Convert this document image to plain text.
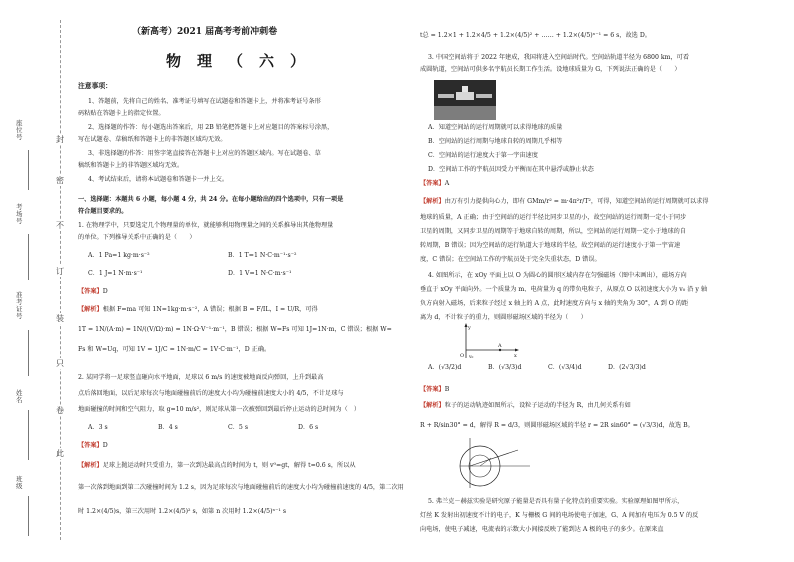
封
密
不
订
装
只
卷
此
座位号
考场号
准考证号
姓名
班级
（新高考）2021 届高考考前冲刺卷
物理（六）
注意事项：
1、答题前，先将自己的姓名、准考证号填写在试题卷和答题卡上，并将准考证号条形
码粘贴在答题卡上的指定位置。
2、选择题的作答：每小题选出答案后，用 2B 铅笔把答题卡上对应题目的答案标号涂黑，
写在试题卷、草稿纸和答题卡上的非答题区域均无效。
3、非选择题的作答：用签字笔直接答在答题卡上对应的答题区域内。写在试题卷、草
稿纸和答题卡上的非答题区域均无效。
4、考试结束后，请将本试题卷和答题卡一并上交。
一、选择题：本题共 6 小题，每小题 4 分，共 24 分。在每小题给出的四个选项中，只有一项是
符合题目要求的。
1. 在物理学中，只要选定几个物理量的单位，就能够利用物理量之间的关系推导出其他物理量
的单位。下列推导关系中正确的是（　　）
A．1 Pa=1 kg·m·s⁻²	B．1 T=1 N·C·m⁻¹·s⁻²
C．1 J=1 N·m·s⁻¹	D．1 V=1 N·C·m·s⁻¹
【答案】D
【解析】根据 F=ma 可知 1N=1kg·m·s⁻²，A 错误；根据 B = F/IL，I = U/R，可得
1T = 1N/(A·m) = 1N/((V/Ω)·m) = 1N·Ω·V⁻¹·m⁻¹，B 错误；根据 W=Fs 可知 1J=1N·m，C 错误；根据 W=
Fs 和 W=Uq，可知 1V = 1J/C = 1N·m/C = 1V·C·m⁻¹，D 正确。
2. 某同学将一足球竖直砸向水平地面，足球以 6 m/s 的速度被地面反向弹回，上升到最高
点后落回地面，以后足球每次与地面碰撞前后的速度大小均为碰撞前速度大小的 4/5，不计足球与
地面碰撞的时间和空气阻力，取 g=10 m/s²，则足球从第一次被弹回到最后停止运动的总时间为（　）
A．3 s	B．4 s	C．5 s	D．6 s
【答案】D
【解析】足球上抛运动时只受重力，第一次到达最高点的时间为 t，则 v⁰=gt，解得 t=0.6 s，所以从
第一次落到地面到第二次碰撞时间为 1.2 s，因为足球每次与地面碰撞前后的速度大小均为碰撞前速度的 4/5，第二次用
时 1.2×(4/5)s，第三次用时 1.2×(4/5)² s，如第 n 次用时 1.2×(4/5)ⁿ⁻¹ s
t总 = 1.2×1 + 1.2×4/5 + 1.2×(4/5)² + …… + 1.2×(4/5)ⁿ⁻¹ = 6 s，故选 D。
3. 中国空间站将于 2022 年建成，我国将进入空间站时代。空间站轨道半径为 6800 km，可看
成圆轨道，空间站可供多名宇航员长期工作生活。设地球质量为 G，下列说法正确的是（　　）
A．知道空间站的运行周期就可以求得地球的质量
B．空间站的运行周期与地球自转的周期几乎相等
C．空间站的运行速度大于第一宇宙速度
D．空间站工作的宇航员因受力平衡而在其中悬浮或静止状态
【答案】A
【解析】由万有引力提供向心力，即有 GMm/r² = m·4π²r/T²，可得，知道空间站的运行周期就可以求得
地球的质量，A 正确；由于空间站的运行半径比同步卫星的小，故空间站的运行周期一定小于同步
卫星的周期，又同步卫星的周期等于地球自转的周期，所以，空间站的运行周期一定小于地球的自
转周期，B 错误；因为空间站的运行轨道大于地球的半径，故空间站的运行速度小于第一宇宙速
度，C 错误；在空间站工作的宇航员处于完全失重状态，D 错误。
4. 如图所示，在 xOy 平面上以 O 为圆心的圆形区域内存在匀强磁场（图中未画出），磁场方向
垂直于 xOy 平面向外。一个质量为 m、电荷量为 q 的带负电粒子，从原点 O 以初速度大小为 v₀ 沿 y 轴
负方向射入磁场，后来粒子经过 x 轴上的 A 点，此时速度方向与 x 轴的夹角为 30°，A 到 O 的距
离为 d，不计粒子的重力，则圆形磁场区域的半径为（　　）
y
x
O
A
v₀
A．(√3/2)d	B．(√3/3)d	C．(√3/4)d	D．(2√3/3)d
【答案】B
【解析】粒子的运动轨迹如图所示，设粒子运动的半径为 R，由几何关系有如
R + R/sin30° = d，解得 R = d/3，则圆形磁场区域的半径 r = 2R sin60° = (√3/3)d，故选 B。
5. 弗兰克－赫兹实验是研究原子能量是否具有量子化特点的重要实验。实验原理如图甲所示，
灯丝 K 发射出初速度不计的电子，K 与栅极 G 间的电场使电子加速，G、A 间加有电压为 0.5 V 的反
向电场，使电子减速，电流表的示数大小间接反映了能到达 A 极的电子的多少。在原来直
